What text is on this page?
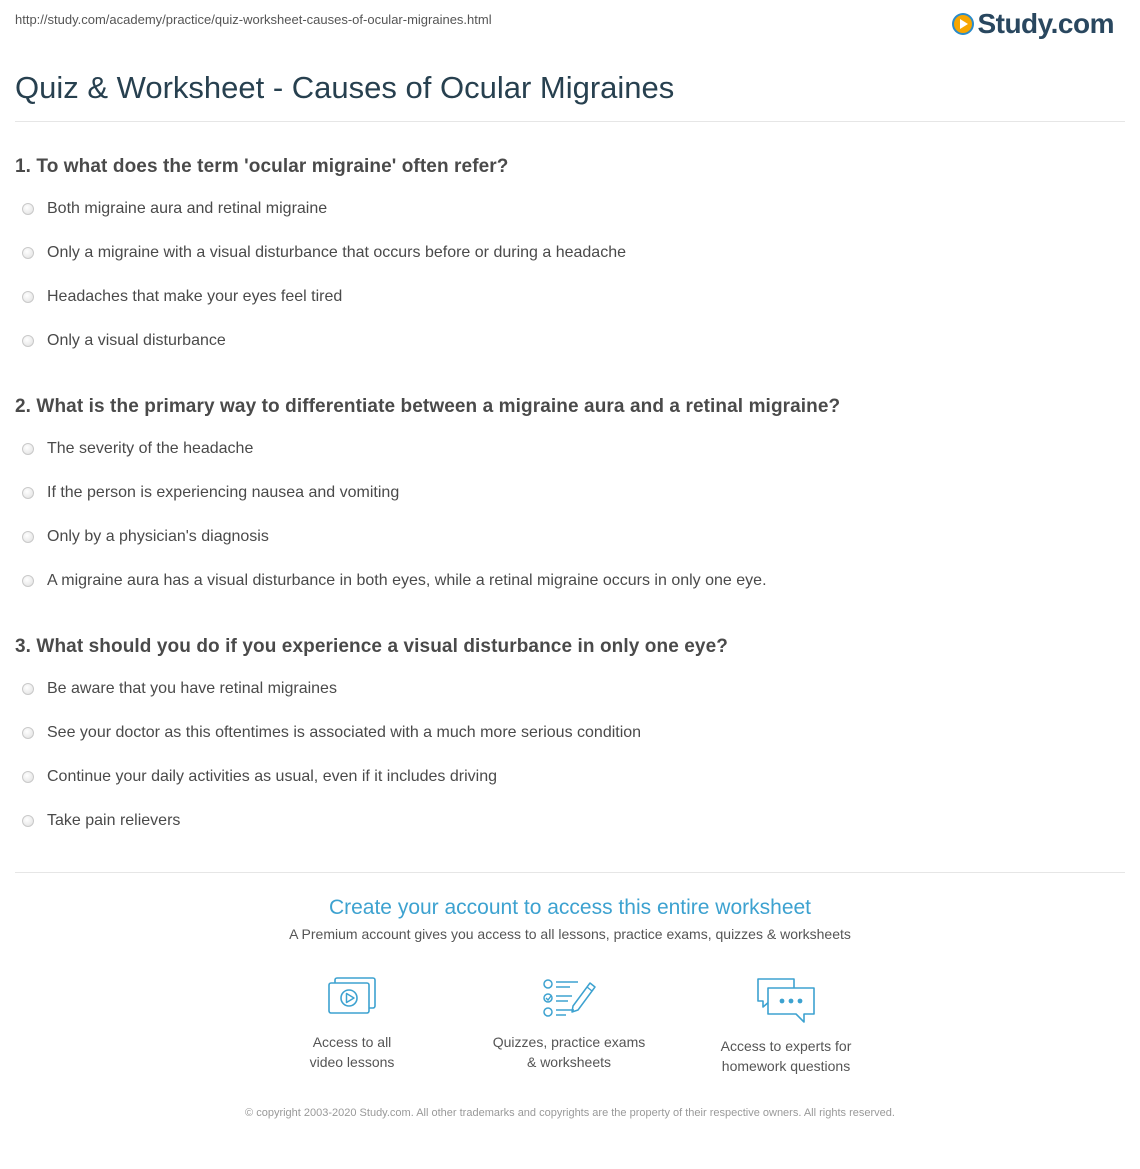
http://study.com/academy/practice/quiz-worksheet-causes-of-ocular-migraines.html	Study.com
Quiz & Worksheet - Causes of Ocular Migraines
1. To what does the term 'ocular migraine' often refer?
Both migraine aura and retinal migraine
Only a migraine with a visual disturbance that occurs before or during a headache
Headaches that make your eyes feel tired
Only a visual disturbance
2. What is the primary way to differentiate between a migraine aura and a retinal migraine?
The severity of the headache
If the person is experiencing nausea and vomiting
Only by a physician's diagnosis
A migraine aura has a visual disturbance in both eyes, while a retinal migraine occurs in only one eye.
3. What should you do if you experience a visual disturbance in only one eye?
Be aware that you have retinal migraines
See your doctor as this oftentimes is associated with a much more serious condition
Continue your daily activities as usual, even if it includes driving
Take pain relievers
Create your account to access this entire worksheet
A Premium account gives you access to all lessons, practice exams, quizzes & worksheets
Access to all
video lessons
Quizzes, practice exams
& worksheets
Access to experts for
homework questions
© copyright 2003-2020 Study.com. All other trademarks and copyrights are the property of their respective owners. All rights reserved.
